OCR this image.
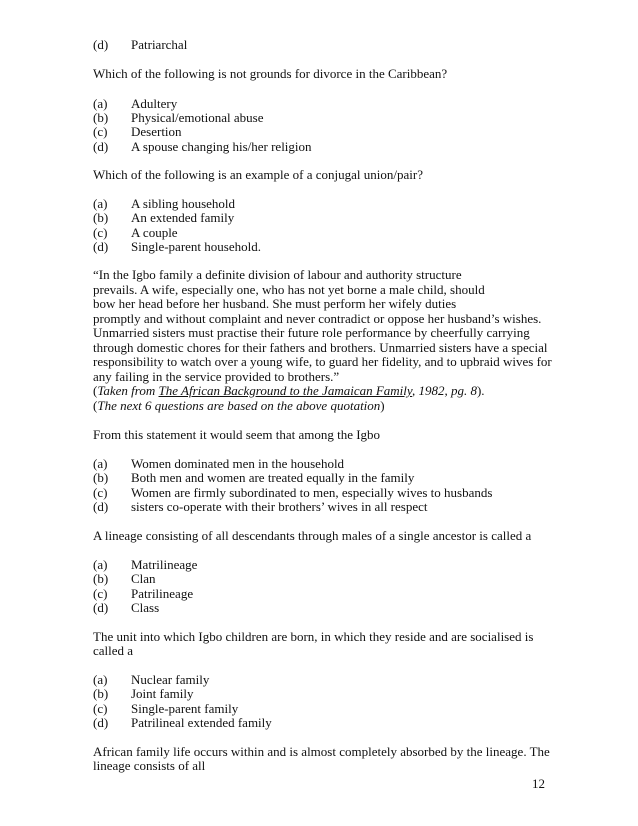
(d) Patriarchal
Which of the following is not grounds for divorce in the Caribbean?
(a) Adultery
(b) Physical/emotional abuse
(c) Desertion
(d) A spouse changing his/her religion
Which of the following is an example of a conjugal union/pair?
(a) A sibling household
(b) An extended family
(c) A couple
(d) Single-parent household.
“In the Igbo family a definite division of labour and authority structure
prevails. A wife, especially one, who has not yet borne a male child, should
bow her head before her husband. She must perform her wifely duties
promptly and without complaint and never contradict or oppose her husband’s wishes.
Unmarried sisters must practise their future role performance by cheerfully carrying
through domestic chores for their fathers and brothers. Unmarried sisters have a special
responsibility to watch over a young wife, to guard her fidelity, and to upbraid wives for
any failing in the service provided to brothers.”
(Taken from The African Background to the Jamaican Family, 1982, pg. 8).
(The next 6 questions are based on the above quotation)
From this statement it would seem that among the Igbo
(a) Women dominated men in the household
(b) Both men and women are treated equally in the family
(c) Women are firmly subordinated to men, especially wives to husbands
(d) sisters co-operate with their brothers’ wives in all respect
A lineage consisting of all descendants through males of a single ancestor is called a
(a) Matrilineage
(b) Clan
(c) Patrilineage
(d) Class
The unit into which Igbo children are born, in which they reside and are socialised is
called a
(a) Nuclear family
(b) Joint family
(c) Single-parent family
(d) Patrilineal extended family
African family life occurs within and is almost completely absorbed by the lineage. The
lineage consists of all
12
